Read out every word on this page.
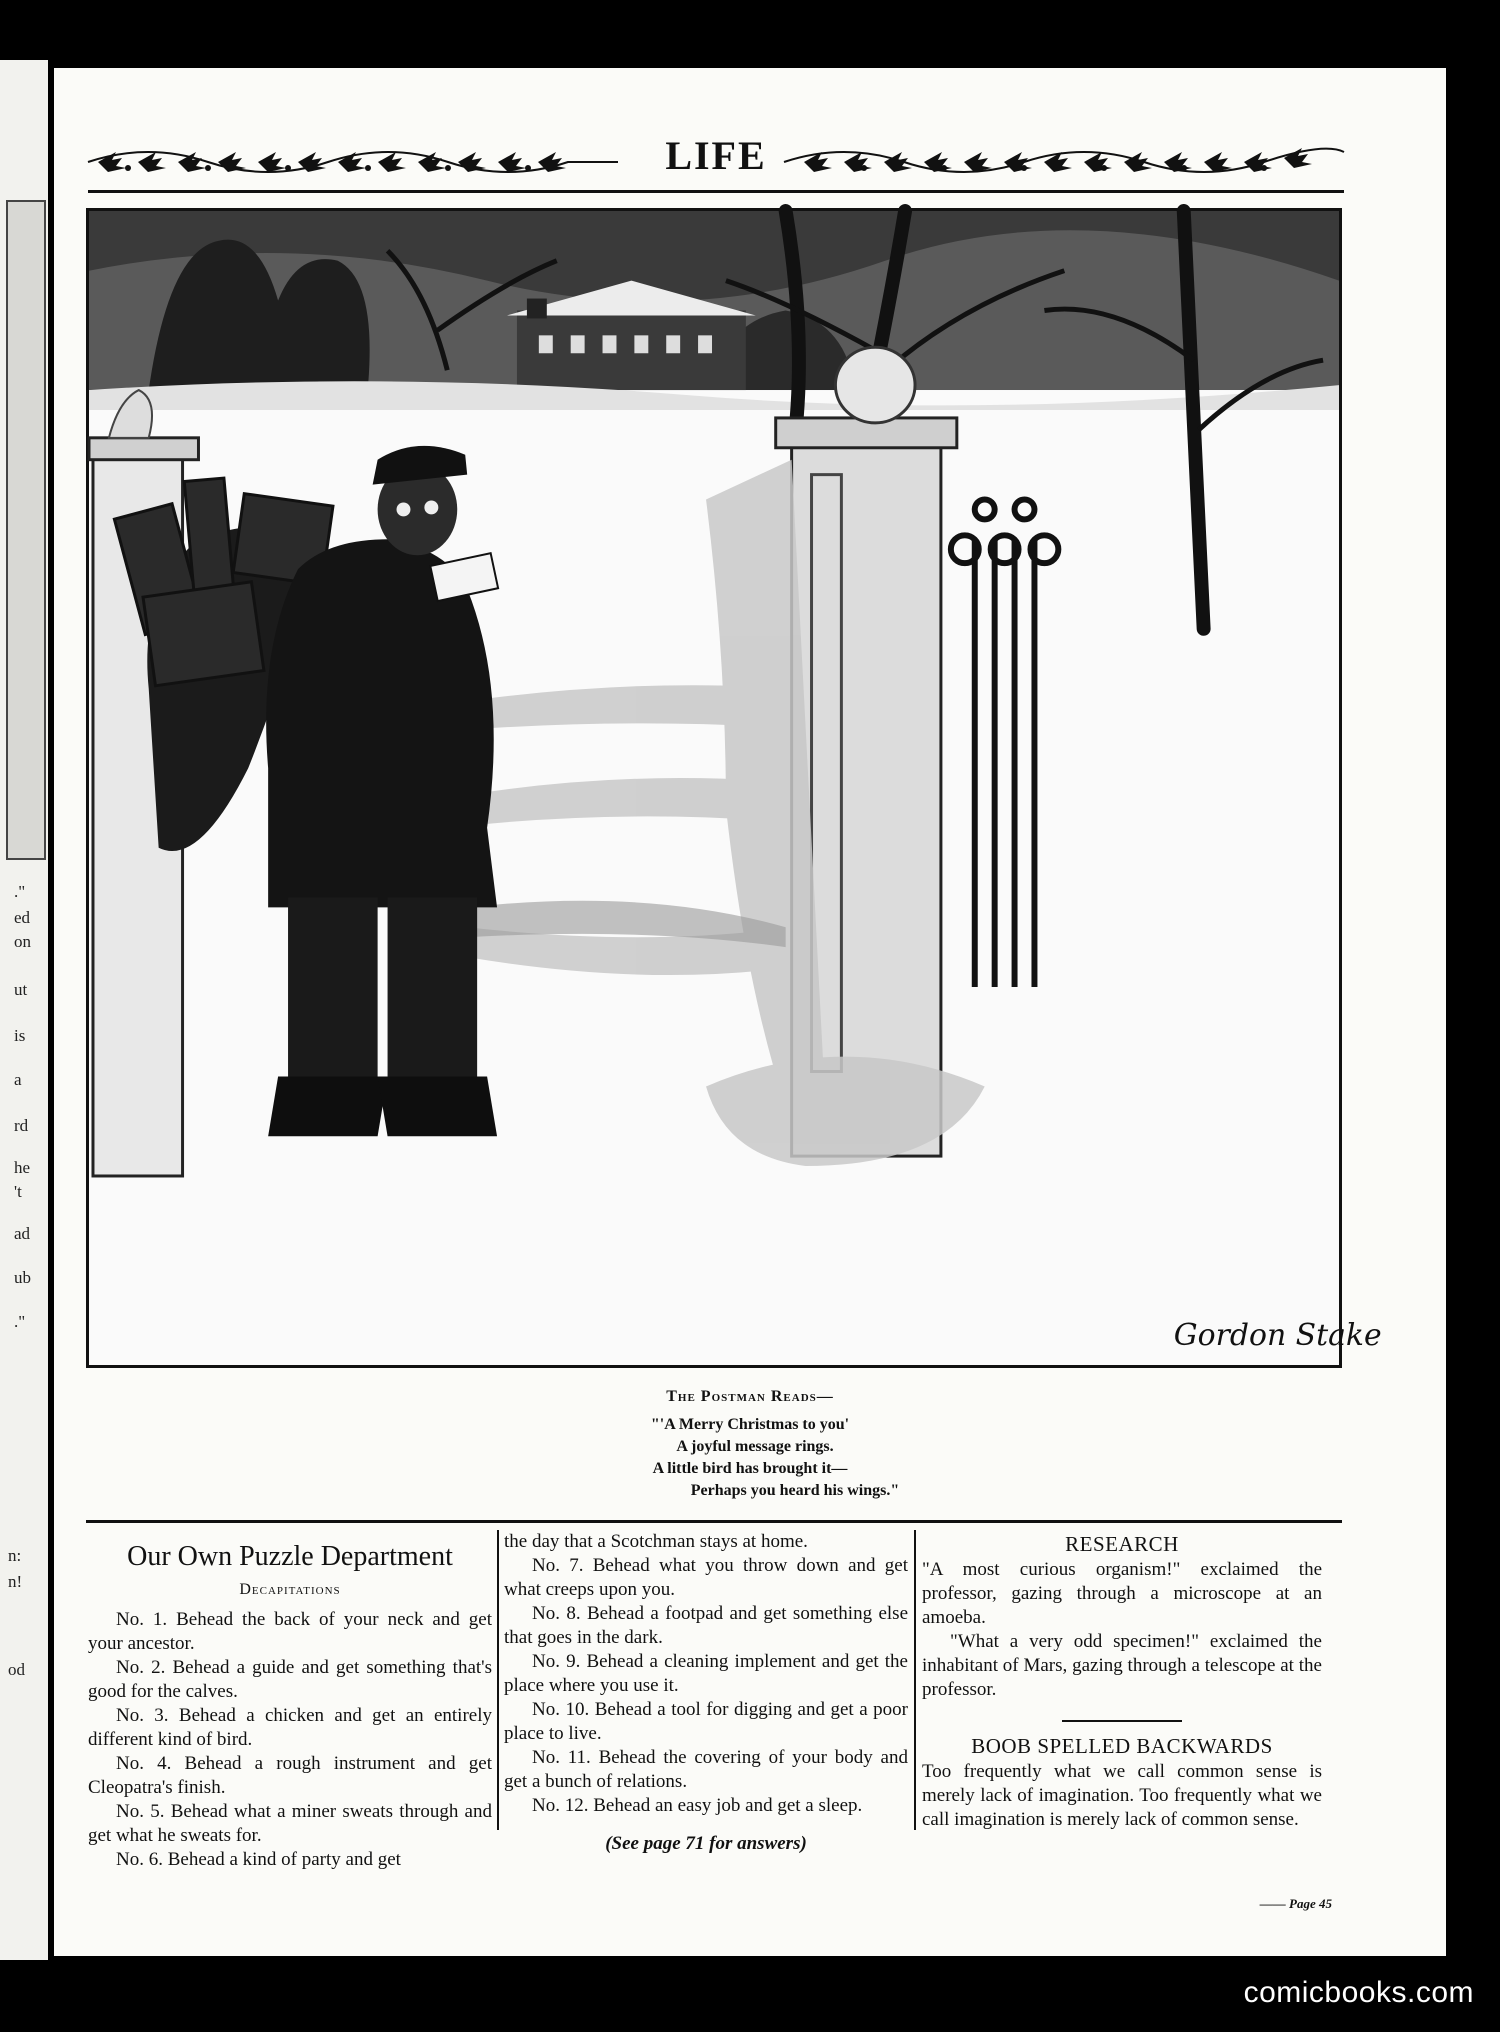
."
ed
on
ut
is
a
rd
he
't
ad
ub
."
n:
n!
od
LIFE
Gordon Stake
The Postman Reads—
"'A Merry Christmas to you'
A joyful message rings.
A little bird has brought it—
Perhaps you heard his wings."
Our Own Puzzle Department
Decapitations

No. 1. Behead the back of your neck and get your ancestor.

No. 2. Behead a guide and get something that's good for the calves.

No. 3. Behead a chicken and get an entirely different kind of bird.

No. 4. Behead a rough instrument and get Cleopatra's finish.

No. 5. Behead what a miner sweats through and get what he sweats for.

No. 6. Behead a kind of party and get

the day that a Scotchman stays at home.

No. 7. Behead what you throw down and get what creeps upon you.

No. 8. Behead a footpad and get something else that goes in the dark.

No. 9. Behead a cleaning implement and get the place where you use it.

No. 10. Behead a tool for digging and get a poor place to live.

No. 11. Behead the covering of your body and get a bunch of relations.

No. 12. Behead an easy job and get a sleep.

(See page 71 for answers)

RESEARCH

"A most curious organism!" exclaimed the professor, gazing through a microscope at an amoeba.

"What a very odd specimen!" exclaimed the inhabitant of Mars, gazing through a telescope at the professor.

BOOB SPELLED BACKWARDS

Too frequently what we call common sense is merely lack of imagination. Too frequently what we call imagination is merely lack of common sense.

—— Page 45
comicbooks.com
